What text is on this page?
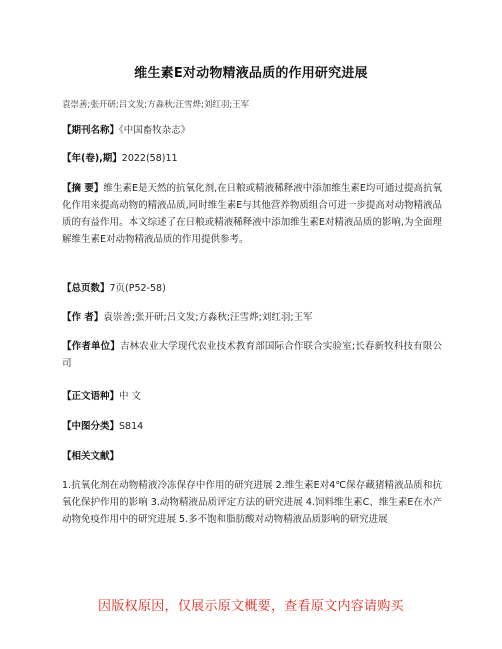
维生素E对动物精液品质的作用研究进展
袁崇善;张开研;吕文发;方淼秋;汪雪烨;刘红羽;王军
【期刊名称】《中国畜牧杂志》
【年(卷),期】2022(58)11
【摘 要】维生素E是天然的抗氧化剂,在日粮或精液稀释液中添加维生素E均可通过提高抗氧化作用来提高动物的精液品质,同时维生素E与其他营养物质组合可进一步提高对动物精液品质的有益作用。本文综述了在日粮或精液稀释液中添加维生素E对精液品质的影响,为全面理解维生素E对动物精液品质的作用提供参考。
【总页数】7页(P52-58)
【作 者】袁崇善;张开研;吕文发;方淼秋;汪雪烨;刘红羽;王军
【作者单位】吉林农业大学现代农业技术教育部国际合作联合实验室;长春新牧科技有限公司
【正文语种】中 文
【中图分类】S814
【相关文献】
1.抗氧化剂在动物精液冷冻保存中作用的研究进展 2.维生素E对4℃保存藏猪精液品质和抗氧化保护作用的影响 3.动物精液品质评定方法的研究进展 4.饲料维生素C、维生素E在水产动物免疫作用中的研究进展 5.多不饱和脂肪酸对动物精液品质影响的研究进展
因版权原因，仅展示原文概要，查看原文内容请购买
